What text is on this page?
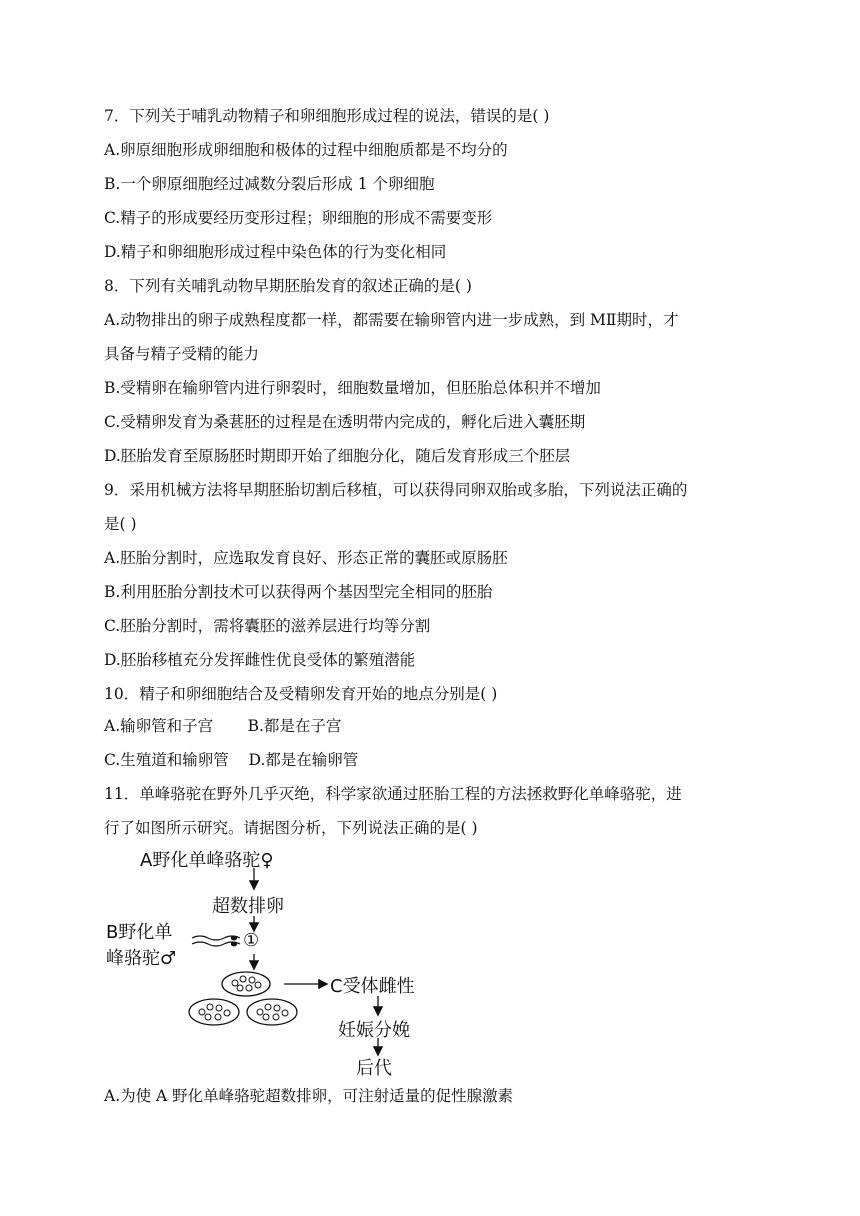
7．下列关于哺乳动物精子和卵细胞形成过程的说法，错误的是( )
A.卵原细胞形成卵细胞和极体的过程中细胞质都是不均分的
B.一个卵原细胞经过减数分裂后形成 1 个卵细胞
C.精子的形成要经历变形过程；卵细胞的形成不需要变形
D.精子和卵细胞形成过程中染色体的行为变化相同
8．下列有关哺乳动物早期胚胎发育的叙述正确的是( )
A.动物排出的卵子成熟程度都一样，都需要在输卵管内进一步成熟，到 MⅡ期时，才
具备与精子受精的能力
B.受精卵在输卵管内进行卵裂时，细胞数量增加，但胚胎总体积并不增加
C.受精卵发育为桑葚胚的过程是在透明带内完成的，孵化后进入囊胚期
D.胚胎发育至原肠胚时期即开始了细胞分化，随后发育形成三个胚层
9．采用机械方法将早期胚胎切割后移植，可以获得同卵双胎或多胎，下列说法正确的
是( )
A.胚胎分割时，应选取发育良好、形态正常的囊胚或原肠胚
B.利用胚胎分割技术可以获得两个基因型完全相同的胚胎
C.胚胎分割时，需将囊胚的滋养层进行均等分割
D.胚胎移植充分发挥雌性优良受体的繁殖潜能
10．精子和卵细胞结合及受精卵发育开始的地点分别是( )
A.输卵管和子宫       B.都是在子宫
C.生殖道和输卵管    D.都是在输卵管
11．单峰骆驼在野外几乎灭绝，科学家欲通过胚胎工程的方法拯救野化单峰骆驼，进
行了如图所示研究。请据图分析，下列说法正确的是( )
A野化单峰骆驼♀
超数排卵
B野化单
峰骆驼♂
①
C受体雌性
妊娠分娩
后代
A.为使 A 野化单峰骆驼超数排卵，可注射适量的促性腺激素
